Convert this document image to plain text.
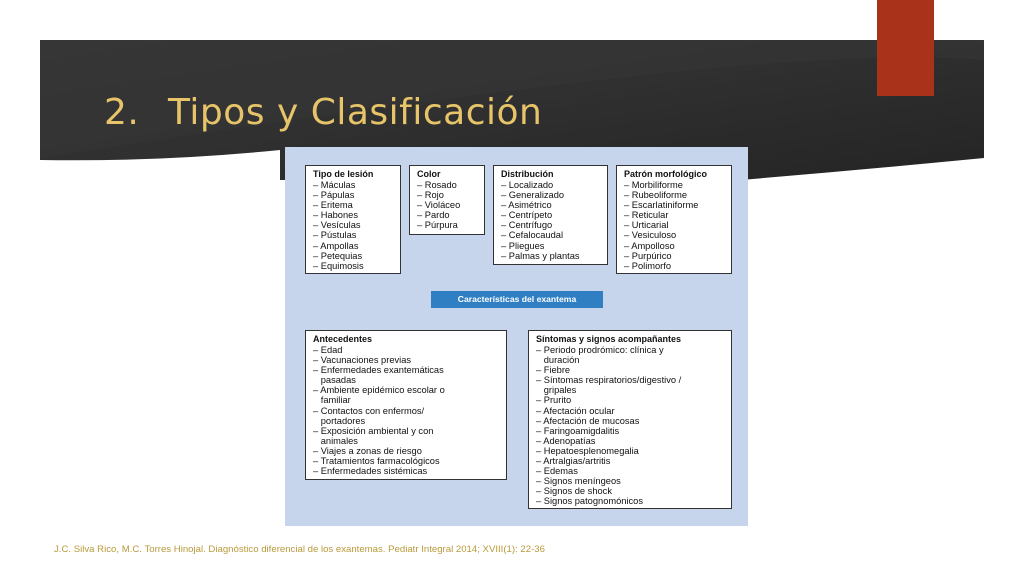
2. Tipos y Clasificación
Tipo de lesión
– Máculas
– Pápulas
– Eritema
– Habones
– Vesículas
– Pústulas
– Ampollas
– Petequias
– Equimosis
Color
– Rosado
– Rojo
– Violáceo
– Pardo
– Púrpura
Distribución
– Localizado
– Generalizado
– Asimétrico
– Centrípeto
– Centrífugo
– Cefalocaudal
– Pliegues
– Palmas y plantas
Patrón morfológico
– Morbiliforme
– Rubeoliforme
– Escarlatiniforme
– Reticular
– Urticarial
– Vesiculoso
– Ampolloso
– Purpúrico
– Polimorfo
Características del exantema
Antecedentes
– Edad
– Vacunaciones previas
– Enfermedades exantemáticas
pasadas
– Ambiente epidémico escolar o
familiar
– Contactos con enfermos/
portadores
– Exposición ambiental y con
animales
– Viajes a zonas de riesgo
– Tratamientos farmacológicos
– Enfermedades sistémicas
Síntomas y signos acompañantes
– Periodo prodrómico: clínica y
duración
– Fiebre
– Síntomas respiratorios/digestivo /
gripales
– Prurito
– Afectación ocular
– Afectación de mucosas
– Faringoamigdalitis
– Adenopatías
– Hepatoesplenomegalia
– Artralgias/artritis
– Edemas
– Signos meníngeos
– Signos de shock
– Signos patognomónicos
J.C. Silva Rico, M.C. Torres Hinojal. Diagnóstico diferencial de los exantemas. Pediatr Integral 2014; XVIII(1): 22-36
